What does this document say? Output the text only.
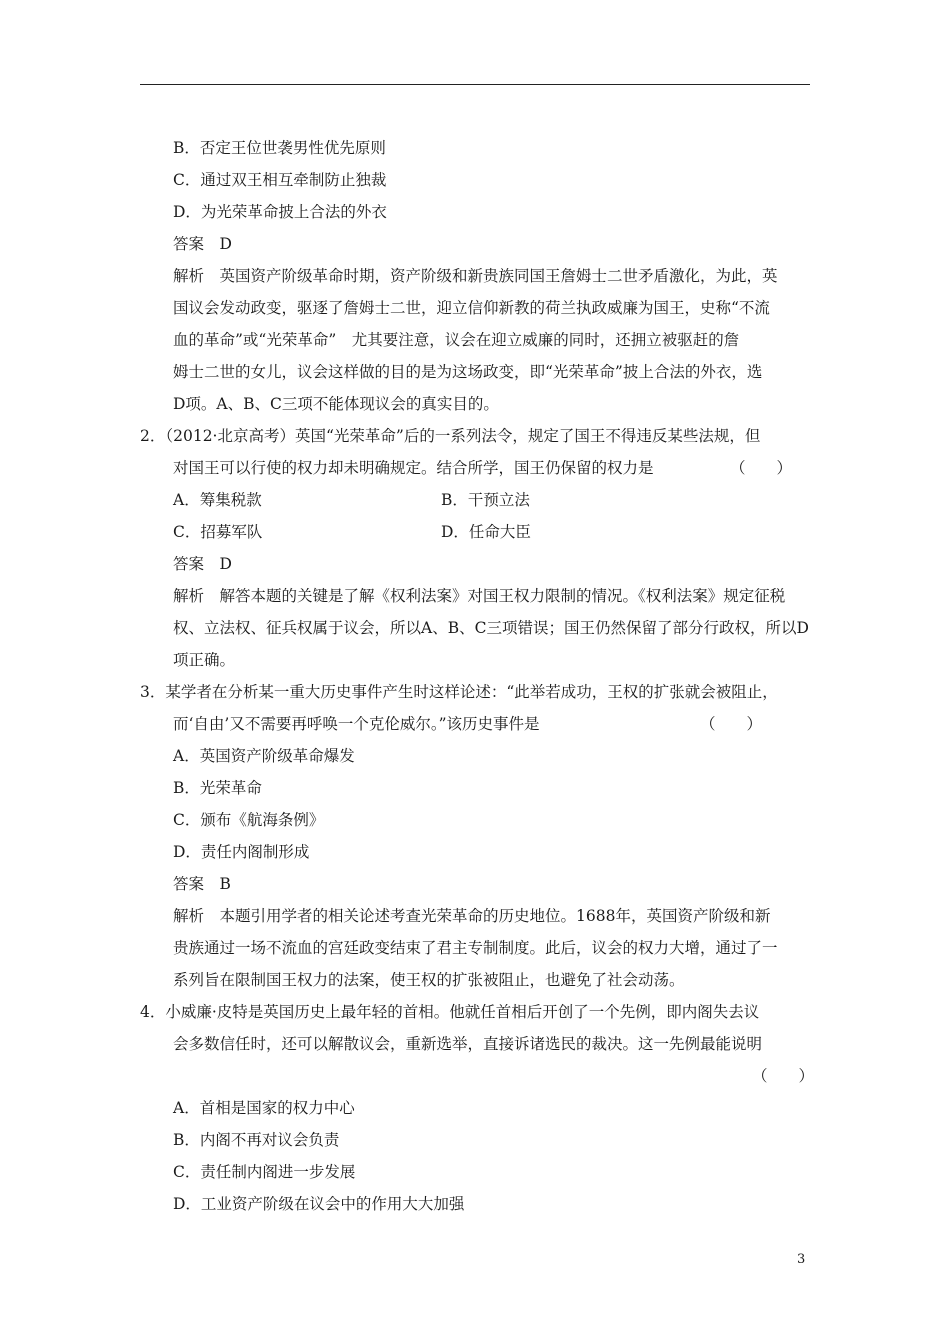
B．否定王位世袭男性优先原则
C．通过双王相互牵制防止独裁
D．为光荣革命披上合法的外衣
答案　D
解析　英国资产阶级革命时期，资产阶级和新贵族同国王詹姆士二世矛盾激化，为此，英
国议会发动政变，驱逐了詹姆士二世，迎立信仰新教的荷兰执政威廉为国王，史称“不流
血的革命”或“光荣革命”　尤其要注意，议会在迎立威廉的同时，还拥立被驱赶的詹
姆士二世的女儿，议会这样做的目的是为这场政变，即“光荣革命”披上合法的外衣，选
D项。A、B、C三项不能体现议会的真实目的。
2．（2012·北京高考）英国“光荣革命”后的一系列法令，规定了国王不得违反某些法规，但
对国王可以行使的权力却未明确规定。结合所学，国王仍保留的权力是	（　　）
A．筹集税款	B．干预立法
C．招募军队	D．任命大臣
答案　D
解析　解答本题的关键是了解《权利法案》对国王权力限制的情况。《权利法案》规定征税
权、立法权、征兵权属于议会，所以A、B、C三项错误；国王仍然保留了部分行政权，所以D
项正确。
3．某学者在分析某一重大历史事件产生时这样论述：“此举若成功，王权的扩张就会被阻止，
而‘自由’又不需要再呼唤一个克伦威尔。”该历史事件是	（　　）
A．英国资产阶级革命爆发
B．光荣革命
C．颁布《航海条例》
D．责任内阁制形成
答案　B
解析　本题引用学者的相关论述考查光荣革命的历史地位。1688年，英国资产阶级和新
贵族通过一场不流血的宫廷政变结束了君主专制制度。此后，议会的权力大增，通过了一
系列旨在限制国王权力的法案，使王权的扩张被阻止，也避免了社会动荡。
4．小威廉·皮特是英国历史上最年轻的首相。他就任首相后开创了一个先例，即内阁失去议
会多数信任时，还可以解散议会，重新选举，直接诉诸选民的裁决。这一先例最能说明
（　　）
A．首相是国家的权力中心
B．内阁不再对议会负责
C．责任制内阁进一步发展
D．工业资产阶级在议会中的作用大大加强
3
